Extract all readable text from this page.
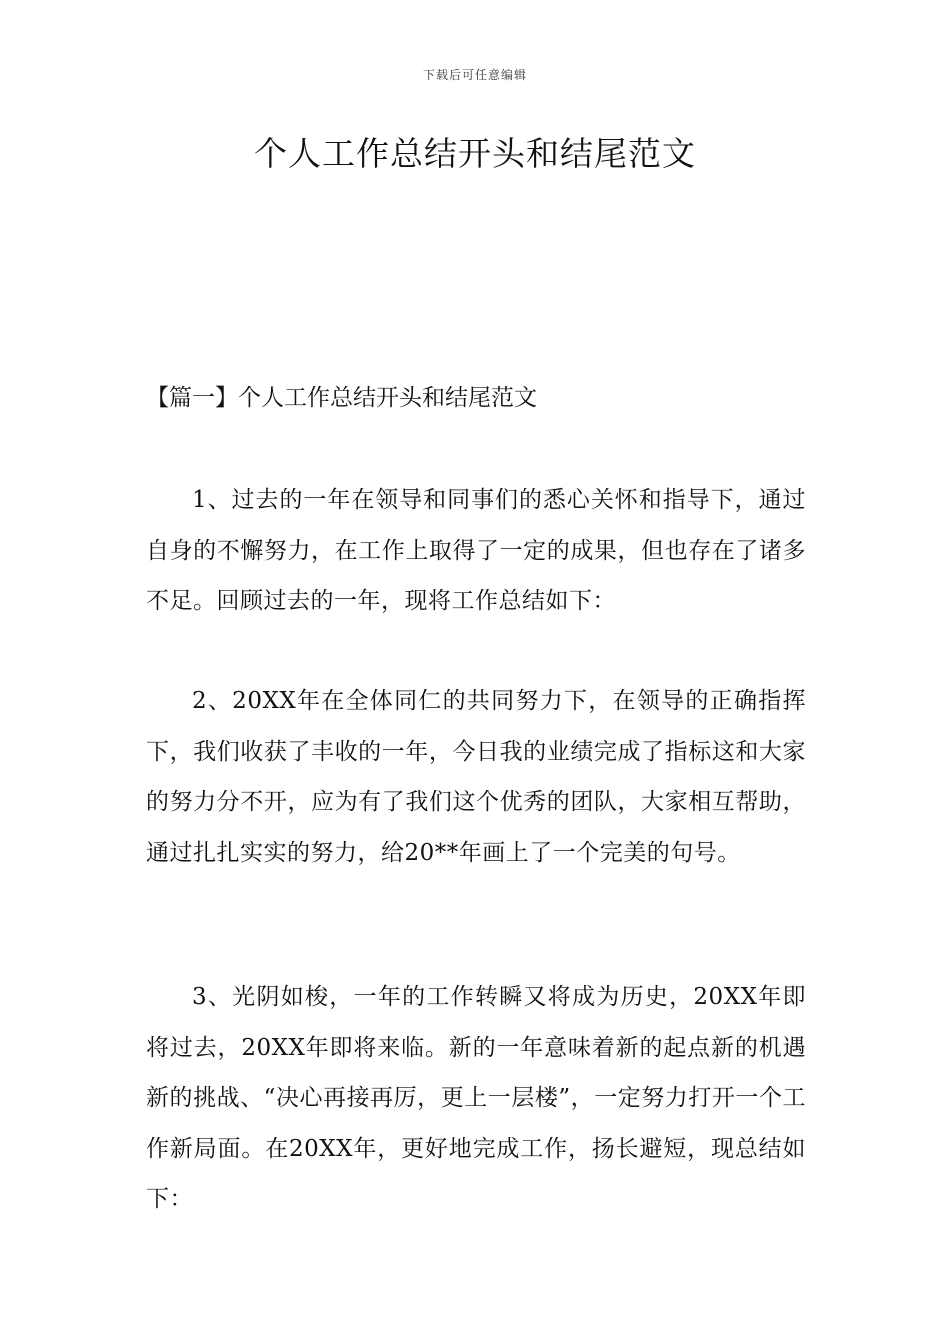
下载后可任意编辑
个人工作总结开头和结尾范文
【篇一】个人工作总结开头和结尾范文

1、过去的一年在领导和同事们的悉心关怀和指导下，通过自身的不懈努力，在工作上取得了一定的成果，但也存在了诸多不足。回顾过去的一年，现将工作总结如下：

2、20XX年在全体同仁的共同努力下，在领导的正确指挥下，我们收获了丰收的一年，今日我的业绩完成了指标这和大家的努力分不开，应为有了我们这个优秀的团队，大家相互帮助，通过扎扎实实的努力，给20**年画上了一个完美的句号。

3、光阴如梭，一年的工作转瞬又将成为历史，20XX年即将过去，20XX年即将来临。新的一年意味着新的起点新的机遇新的挑战、“决心再接再厉，更上一层楼”，一定努力打开一个工作新局面。在20XX年，更好地完成工作，扬长避短，现总结如下：
